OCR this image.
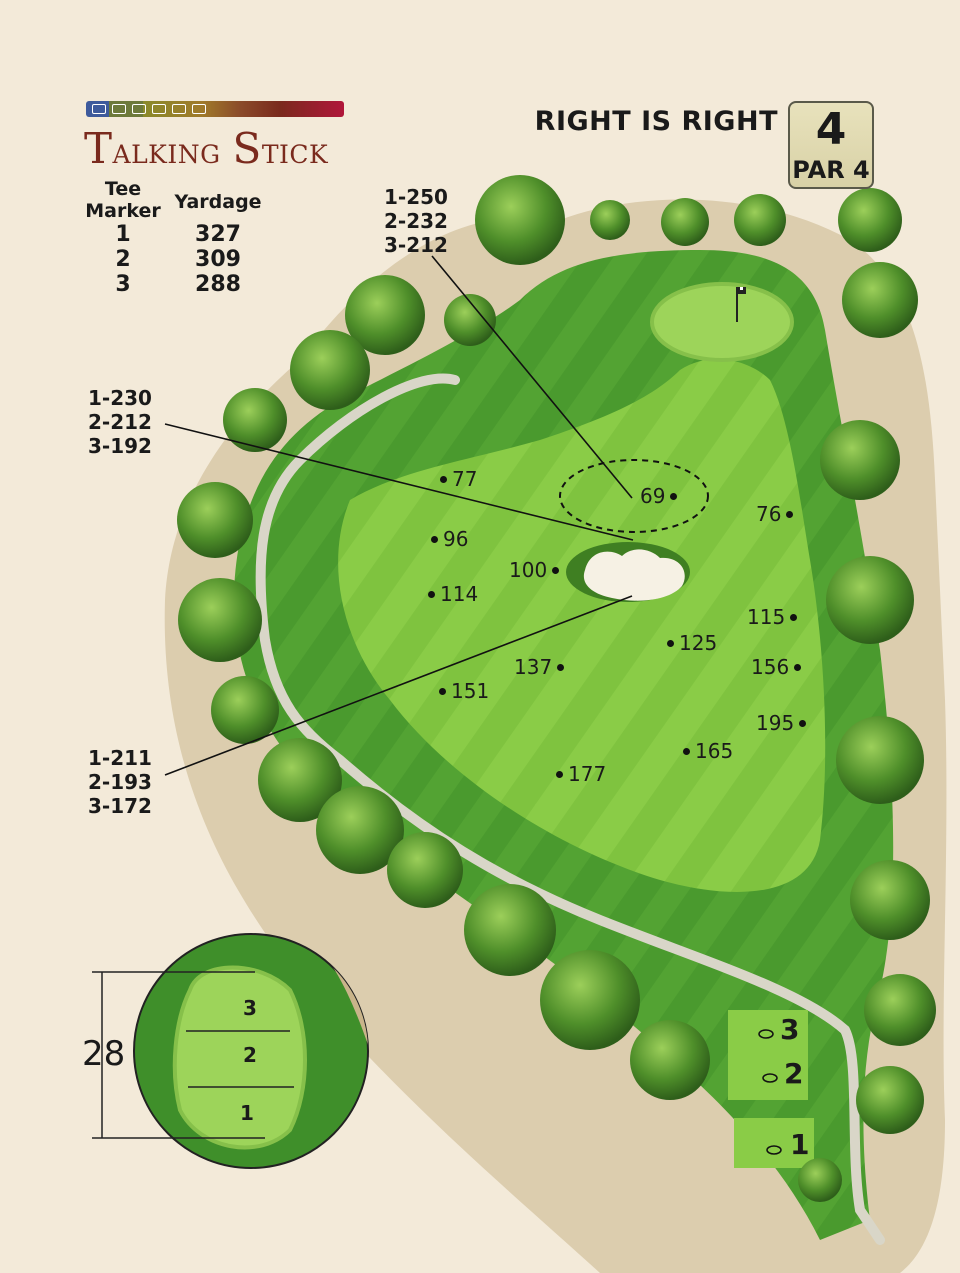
Talking Stick
Tee
Marker Yardage
1	327
2	309
3	288
RIGHT IS RIGHT 4
PAR 4
1-250
2-232
3-212
1-230
2-212
3-192
1-211
2-193
3-172
77
69
76
96
100
114
115
125
137	156
151
195
165
177
28
3
2
1
3
2
1
